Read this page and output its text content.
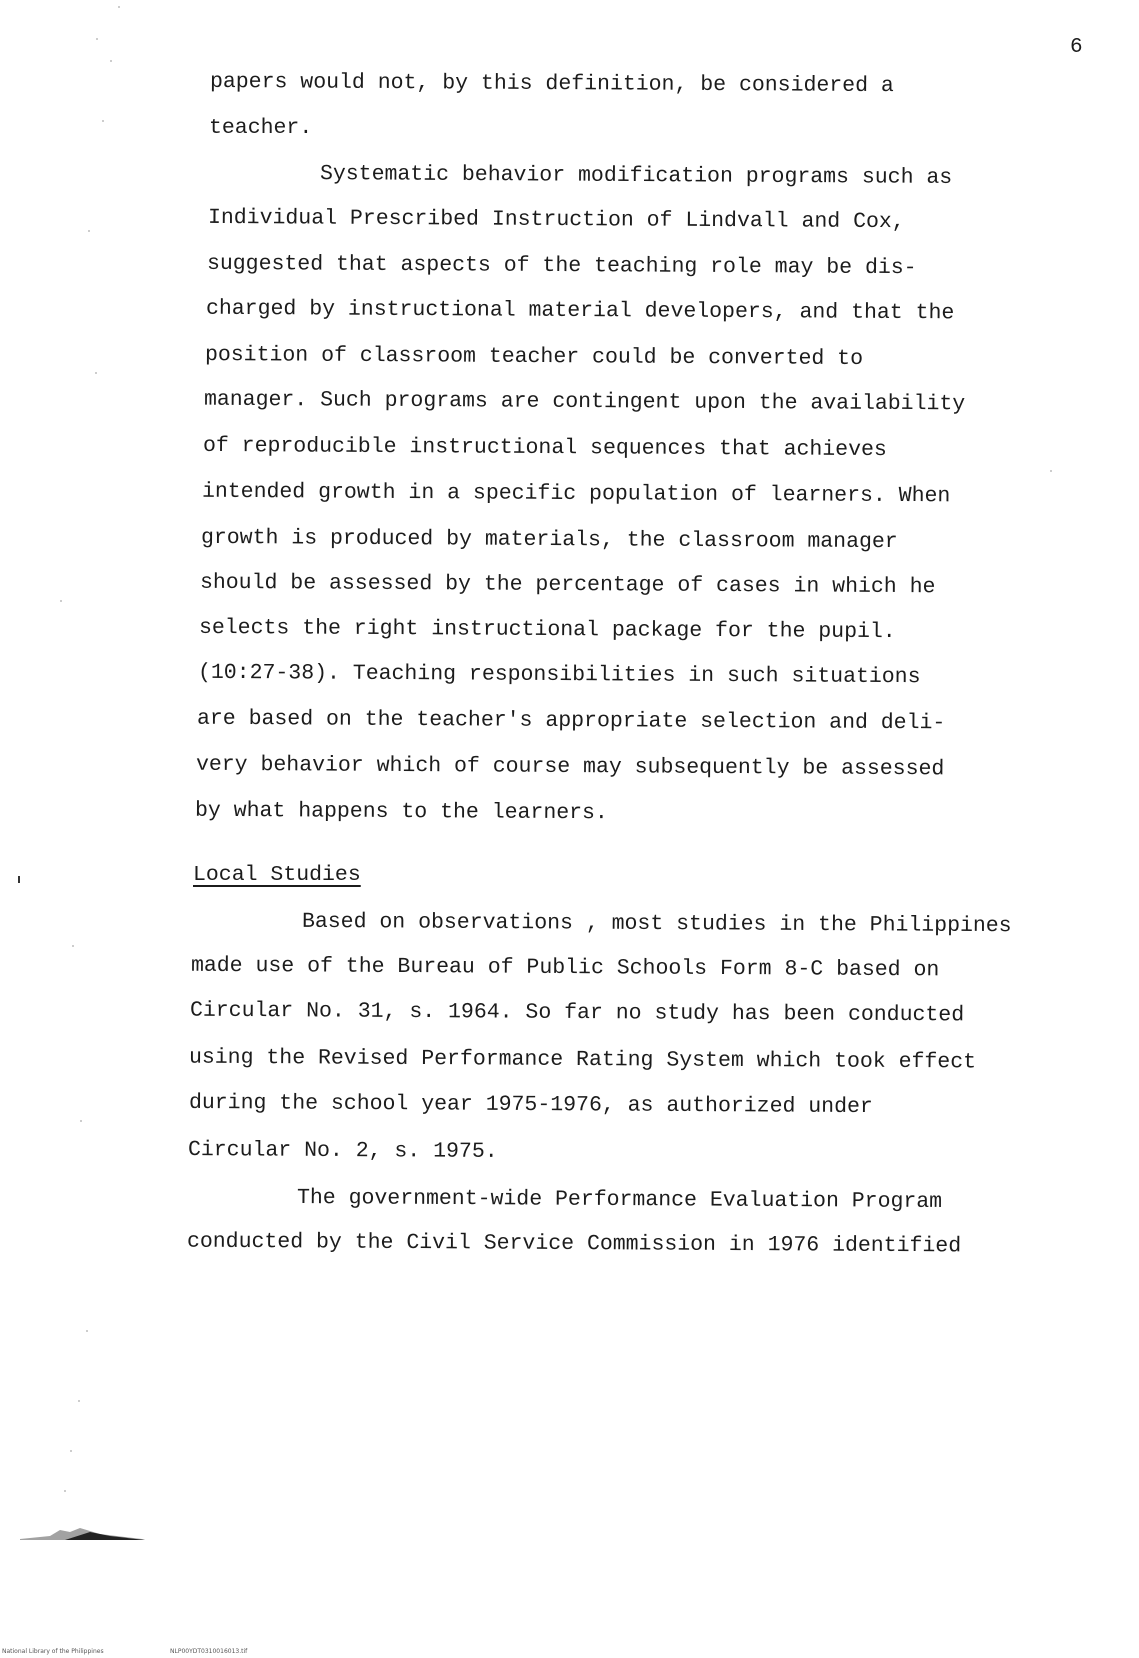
6

papers would not, by this definition, be considered a

teacher.

Systematic behavior modification programs such as

Individual Prescribed Instruction of Lindvall and Cox,

suggested that aspects of the teaching role may be dis-

charged by instructional material developers, and that the

position of classroom teacher could be converted to

manager. Such programs are contingent upon the availability

of reproducible instructional sequences that achieves

intended growth in a specific population of learners. When

growth is produced by materials, the classroom manager

should be assessed by the percentage of cases in which he

selects the right instructional package for the pupil.

(10:27-38). Teaching responsibilities in such situations

are based on the teacher's appropriate selection and deli-

very behavior which of course may subsequently be assessed

by what happens to the learners.

Local Studies

Based on observations , most studies in the Philippines

made use of the Bureau of Public Schools Form 8-C based on

Circular No. 31, s. 1964. So far no study has been conducted

using the Revised Performance Rating System which took effect

during the school year 1975-1976, as authorized under

Circular No. 2, s. 1975.

The government-wide Performance Evaluation Program

conducted by the Civil Service Commission in 1976 identified

National Library of the Philippines	NLP00YDT0310016013.tif
